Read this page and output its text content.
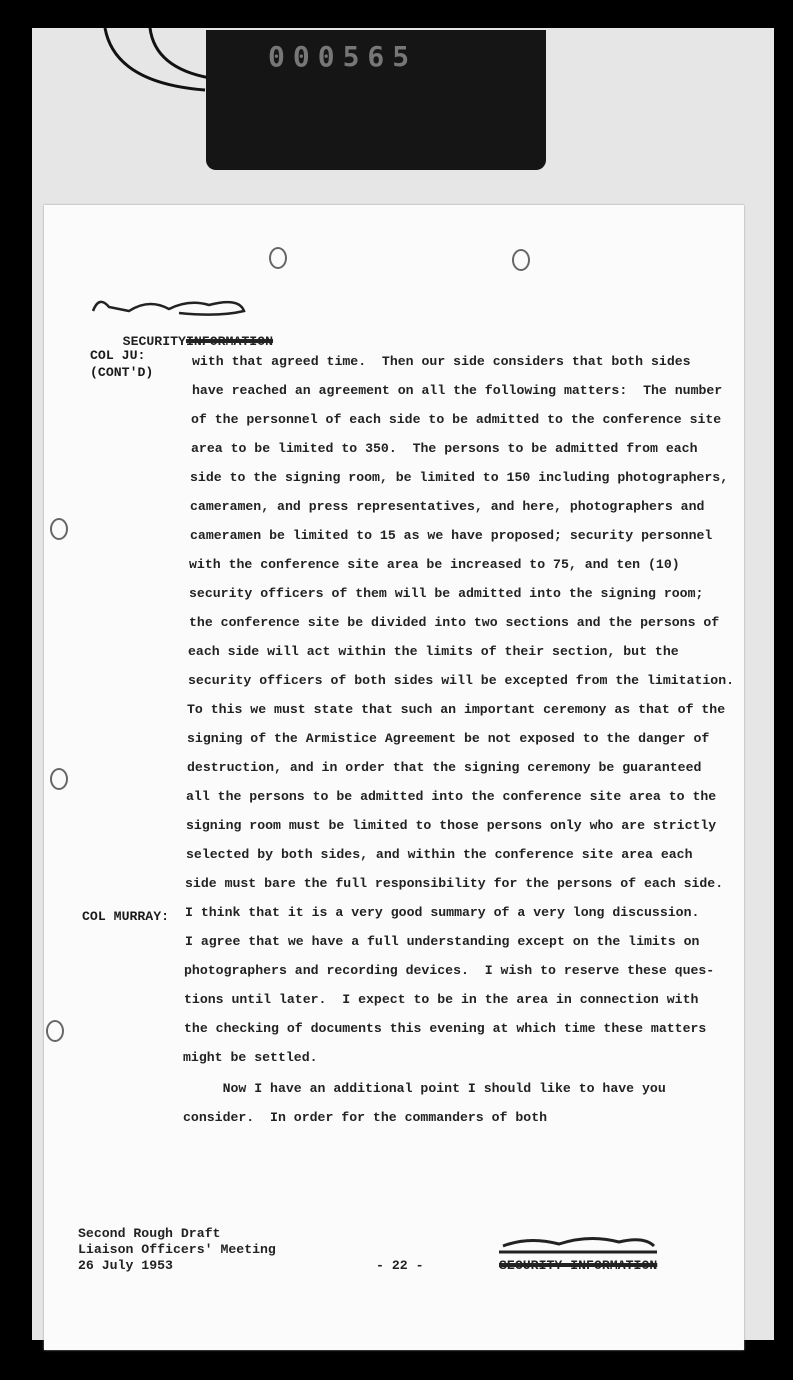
000565

SECURITYINFORMATION

COL JU:
(CONT'D)
COL MURRAY:
with that agreed time.  Then our side considers that both sides
have reached an agreement on all the following matters:  The number
of the personnel of each side to be admitted to the conference site
area to be limited to 350.  The persons to be admitted from each
side to the signing room, be limited to 150 including photographers,
cameramen, and press representatives, and here, photographers and
cameramen be limited to 15 as we have proposed; security personnel
with the conference site area be increased to 75, and ten (10)
security officers of them will be admitted into the signing room;
the conference site be divided into two sections and the persons of
each side will act within the limits of their section, but the
security officers of both sides will be excepted from the limitation.
To this we must state that such an important ceremony as that of the
signing of the Armistice Agreement be not exposed to the danger of
destruction, and in order that the signing ceremony be guaranteed
all the persons to be admitted into the conference site area to the
signing room must be limited to those persons only who are strictly
selected by both sides, and within the conference site area each
side must bare the full responsibility for the persons of each side.
I think that it is a very good summary of a very long discussion.
I agree that we have a full understanding except on the limits on
photographers and recording devices.  I wish to reserve these ques-
tions until later.  I expect to be in the area in connection with
the checking of documents this evening at which time these matters
might be settled.
Now I have an additional point I should like to have you
consider.  In order for the commanders of both
Second Rough Draft
Liaison Officers' Meeting
26 July 1953	- 22 -	SECURITY INFORMATION
